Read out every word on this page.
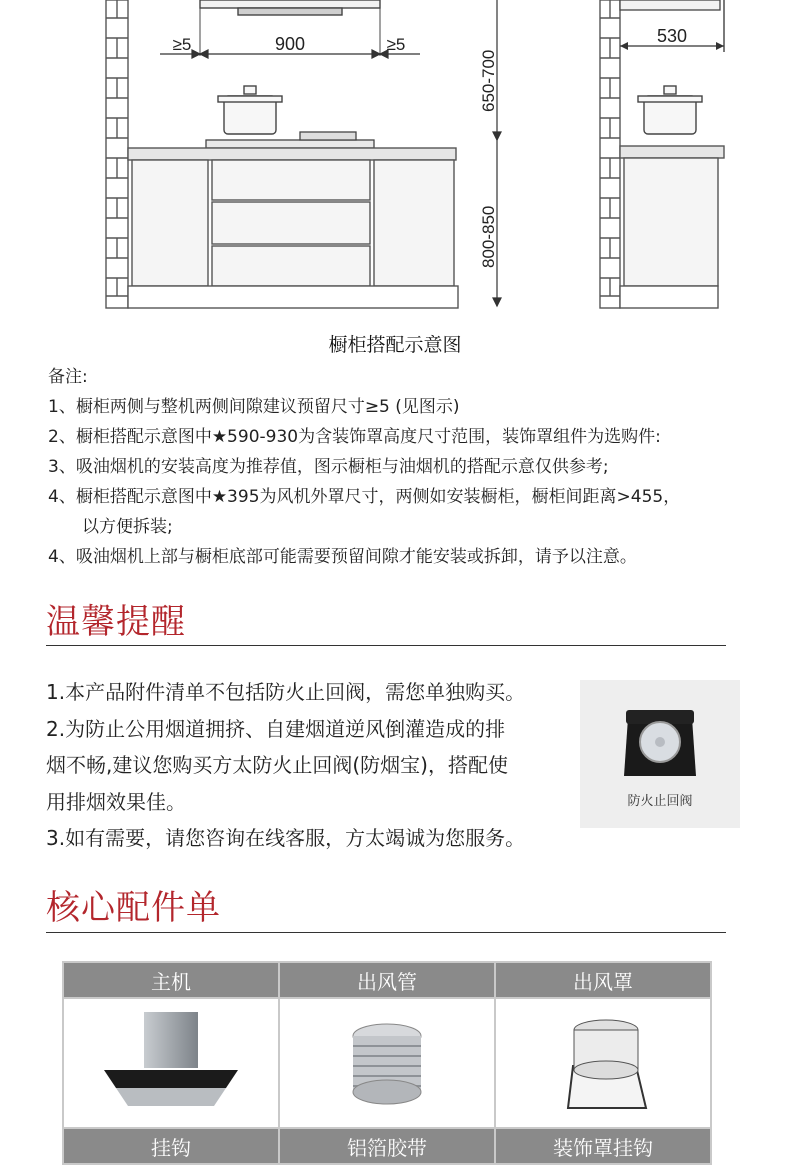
≥5	900	≥5
650-700
800-850
530
橱柜搭配示意图
备注:
1、橱柜两侧与整机两侧间隙建议预留尺寸≥5 (见图示)
2、橱柜搭配示意图中★590-930为含装饰罩高度尺寸范围，装饰罩组件为选购件:
3、吸油烟机的安装高度为推荐值，图示橱柜与油烟机的搭配示意仅供参考;
4、橱柜搭配示意图中★395为风机外罩尺寸，两侧如安装橱柜，橱柜间距离>455，
以方便拆装;
4、吸油烟机上部与橱柜底部可能需要预留间隙才能安装或拆卸，请予以注意。
温馨提醒
1.本产品附件清单不包括防火止回阀，需您单独购买。
2.为防止公用烟道拥挤、自建烟道逆风倒灌造成的排
烟不畅,建议您购买方太防火止回阀(防烟宝)，搭配使
用排烟效果佳。
3.如有需要，请您咨询在线客服，方太竭诚为您服务。
防火止回阀
核心配件单
主机	出风管	出风罩

挂钩	铝箔胶带	装饰罩挂钩
